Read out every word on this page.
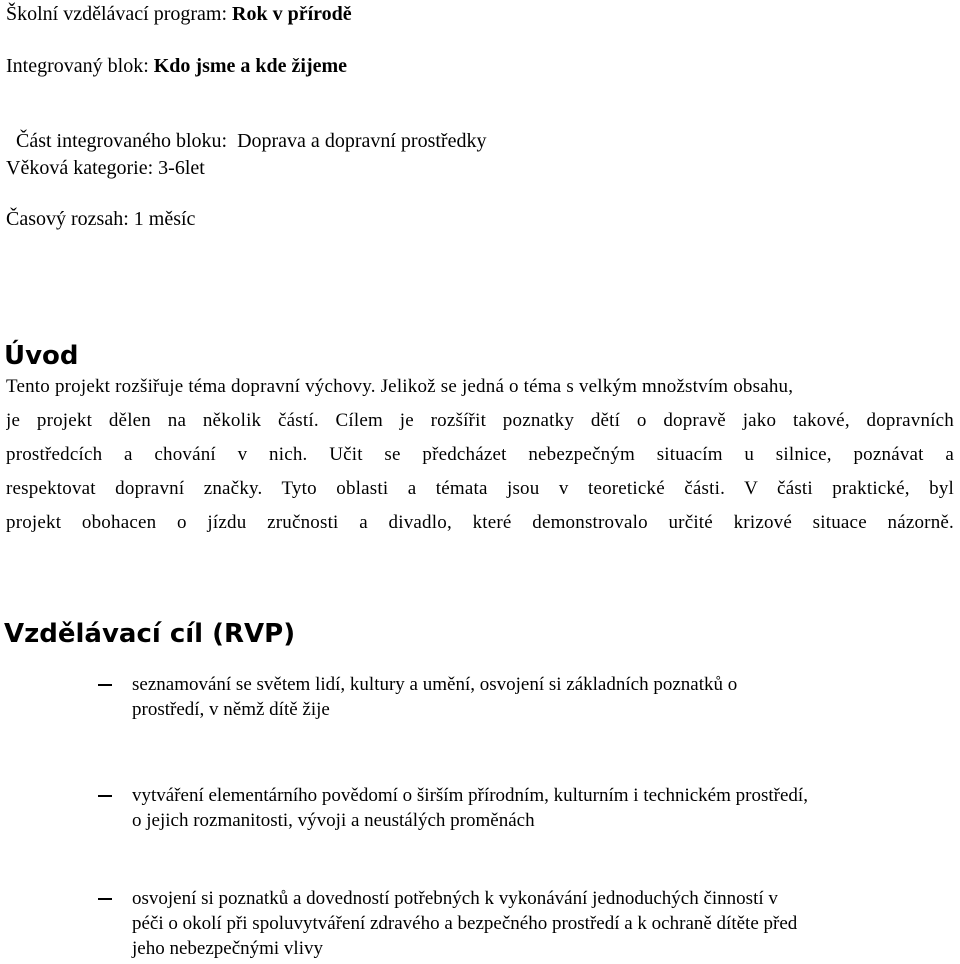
Školní vzdělávací program: Rok v přírodě
Integrovaný blok: Kdo jsme a kde žijeme

Část integrovaného bloku:  Doprava a dopravní prostředky

Věková kategorie: 3-6let
Časový rozsah: 1 měsíc
Úvod
Tento projekt rozšiřuje téma dopravní výchovy. Jelikož se jedná o téma s velkým množstvím obsahu,
je projekt dělen na několik částí. Cílem je rozšířit poznatky dětí o dopravě jako takové, dopravních
prostředcích a chování v nich. Učit se předcházet nebezpečným situacím u silnice, poznávat a
respektovat dopravní značky. Tyto oblasti a témata jsou v teoretické části. V části praktické, byl
projekt obohacen o jízdu zručnosti a divadlo, které demonstrovalo určité krizové situace názorně.
Vzdělávací cíl (RVP)
seznamování se světem lidí, kultury a umění, osvojení si základních poznatků o
prostředí, v němž dítě žije
vytváření elementárního povědomí o širším přírodním, kulturním i technickém prostředí,
o jejich rozmanitosti, vývoji a neustálých proměnách
osvojení si poznatků a dovedností potřebných k vykonávání jednoduchých činností v
péči o okolí při spoluvytváření zdravého a bezpečného prostředí a k ochraně dítěte před
jeho nebezpečnými vlivy
